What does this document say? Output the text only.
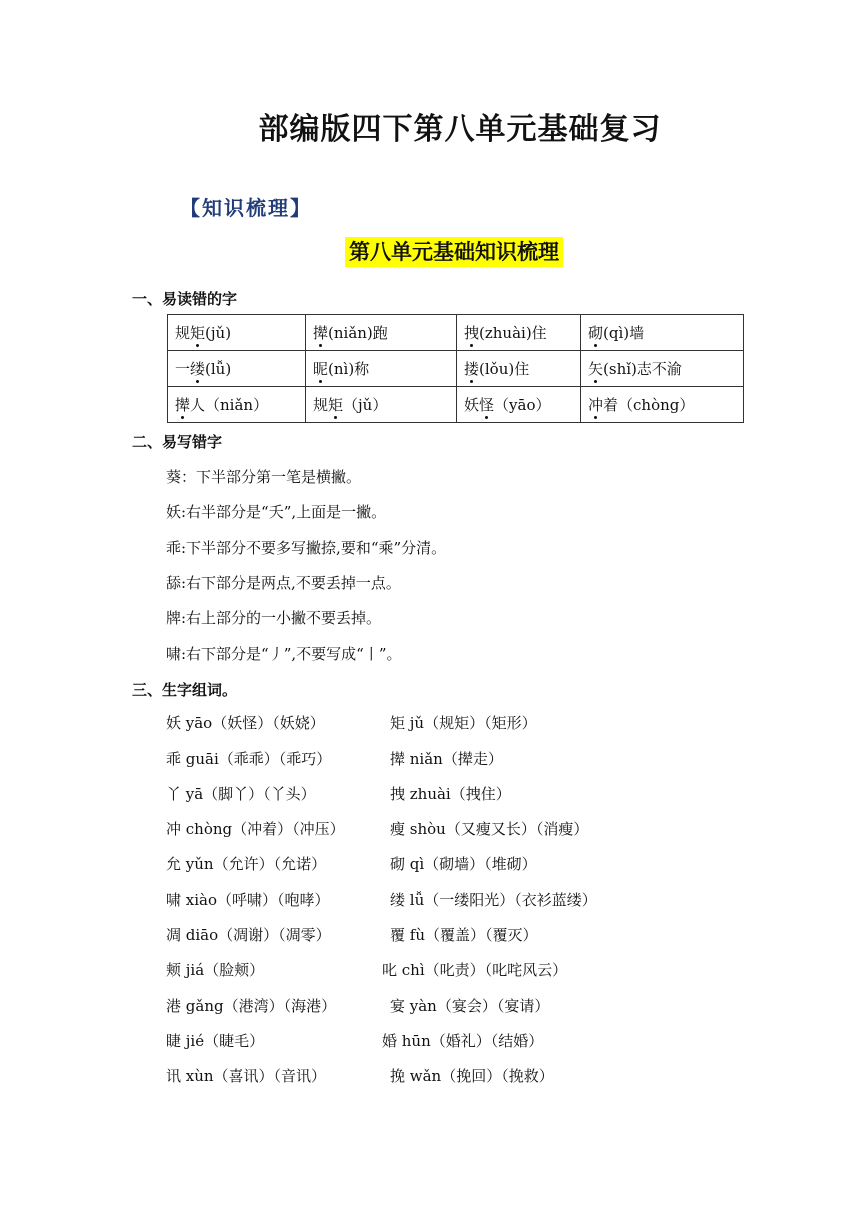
部编版四下第八单元基础复习
【知识梳理】
第八单元基础知识梳理
一、易读错的字
规矩(jǔ)	撵(niǎn)跑	拽(zhuài)住	砌(qì)墙
一缕(lǚ)	昵(nì)称	搂(lǒu)住	矢(shǐ)志不渝
撵人（niǎn）	规矩（jǔ）	妖怪（yāo）	冲着（chòng）
二、易写错字
葵：下半部分第一笔是横撇。
妖:右半部分是“夭”,上面是一撇。
乖:下半部分不要多写撇捺,要和“乘”分清。
舔:右下部分是两点,不要丢掉一点。
牌:右上部分的一小撇不要丢掉。
啸:右下部分是“丿”,不要写成“丨”。
三、生字组词。
妖 yāo（妖怪）（妖娆）	矩 jǔ（规矩）（矩形）
乖 guāi（乖乖）（乖巧）	撵 niǎn（撵走）
丫 yā（脚丫）（丫头）	拽 zhuài（拽住）
冲 chòng（冲着）（冲压）	瘦 shòu（又瘦又长）（消瘦）
允 yǔn（允许）（允诺）	砌 qì（砌墙）（堆砌）
啸 xiào（呼啸）（咆哮）	缕 lǚ（一缕阳光）（衣衫蓝缕）
凋 diāo（凋谢）（凋零）	覆 fù（覆盖）（覆灭）
颊 jiá（脸颊）	叱 chì（叱责）（叱咤风云）
港 gǎng（港湾）（海港）	宴 yàn（宴会）（宴请）
睫 jié（睫毛）	婚 hūn（婚礼）（结婚）
讯 xùn（喜讯）（音讯）	挽 wǎn（挽回）（挽救）
